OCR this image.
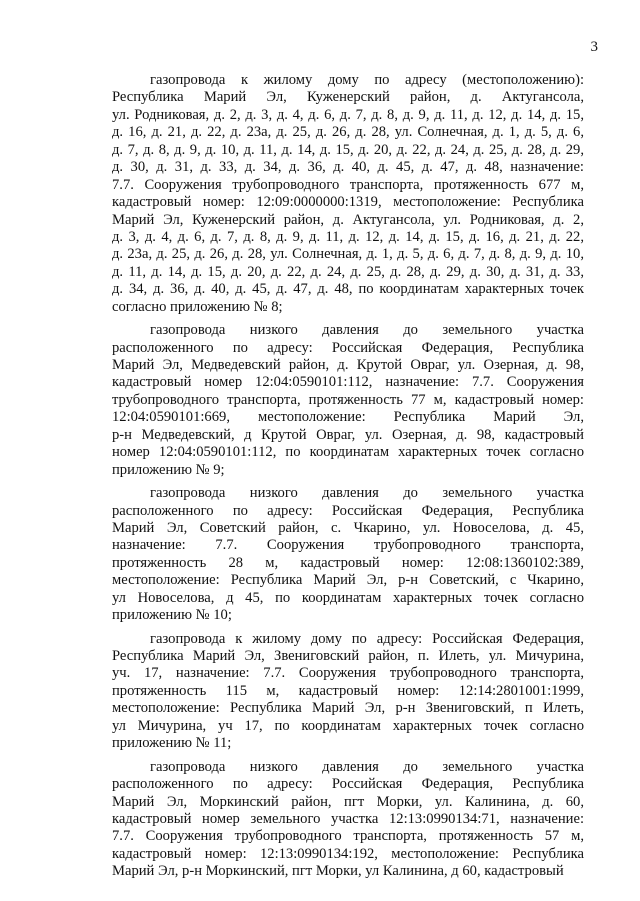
3
газопровода к жилому дому по адресу (местоположению):
Республика Марий Эл, Куженерский район, д. Актугансола,
ул. Родниковая, д. 2, д. 3, д. 4, д. 6, д. 7, д. 8, д. 9, д. 11, д. 12, д. 14, д. 15,
д. 16, д. 21, д. 22, д. 23а, д. 25, д. 26, д. 28, ул. Солнечная, д. 1, д. 5, д. 6,
д. 7, д. 8, д. 9, д. 10, д. 11, д. 14, д. 15, д. 20, д. 22, д. 24, д. 25, д. 28, д. 29,
д. 30, д. 31, д. 33, д. 34, д. 36, д. 40, д. 45, д. 47, д. 48, назначение:
7.7. Сооружения трубопроводного транспорта, протяженность 677 м,
кадастровый номер: 12:09:0000000:1319, местоположение: Республика
Марий Эл, Куженерский район, д. Актугансола, ул. Родниковая, д. 2,
д. 3, д. 4, д. 6, д. 7, д. 8, д. 9, д. 11, д. 12, д. 14, д. 15, д. 16, д. 21, д. 22,
д. 23а, д. 25, д. 26, д. 28, ул. Солнечная, д. 1, д. 5, д. 6, д. 7, д. 8, д. 9, д. 10,
д. 11, д. 14, д. 15, д. 20, д. 22, д. 24, д. 25, д. 28, д. 29, д. 30, д. 31, д. 33,
д. 34, д. 36, д. 40, д. 45, д. 47, д. 48, по координатам характерных точек
согласно приложению № 8;
газопровода низкого давления до земельного участка
расположенного по адресу: Российская Федерация, Республика
Марий Эл, Медведевский район, д. Крутой Овраг, ул. Озерная, д. 98,
кадастровый номер 12:04:0590101:112, назначение: 7.7. Сооружения
трубопроводного транспорта, протяженность 77 м, кадастровый номер:
12:04:0590101:669, местоположение: Республика Марий Эл,
р-н Медведевский, д Крутой Овраг, ул. Озерная, д. 98, кадастровый
номер 12:04:0590101:112, по координатам характерных точек согласно
приложению № 9;
газопровода низкого давления до земельного участка
расположенного по адресу: Российская Федерация, Республика
Марий Эл, Советский район, с. Чкарино, ул. Новоселова, д. 45,
назначение: 7.7. Сооружения трубопроводного транспорта,
протяженность 28 м, кадастровый номер: 12:08:1360102:389,
местоположение: Республика Марий Эл, р-н Советский, с Чкарино,
ул Новоселова, д 45, по координатам характерных точек согласно
приложению № 10;
газопровода к жилому дому по адресу: Российская Федерация,
Республика Марий Эл, Звениговский район, п. Илеть, ул. Мичурина,
уч. 17, назначение: 7.7. Сооружения трубопроводного транспорта,
протяженность 115 м, кадастровый номер: 12:14:2801001:1999,
местоположение: Республика Марий Эл, р-н Звениговский, п Илеть,
ул Мичурина, уч 17, по координатам характерных точек согласно
приложению № 11;
газопровода низкого давления до земельного участка
расположенного по адресу: Российская Федерация, Республика
Марий Эл, Моркинский район, пгт Морки, ул. Калинина, д. 60,
кадастровый номер земельного участка 12:13:0990134:71, назначение:
7.7. Сооружения трубопроводного транспорта, протяженность 57 м,
кадастровый номер: 12:13:0990134:192, местоположение: Республика
Марий Эл, р-н Моркинский, пгт Морки, ул Калинина, д 60, кадастровый
